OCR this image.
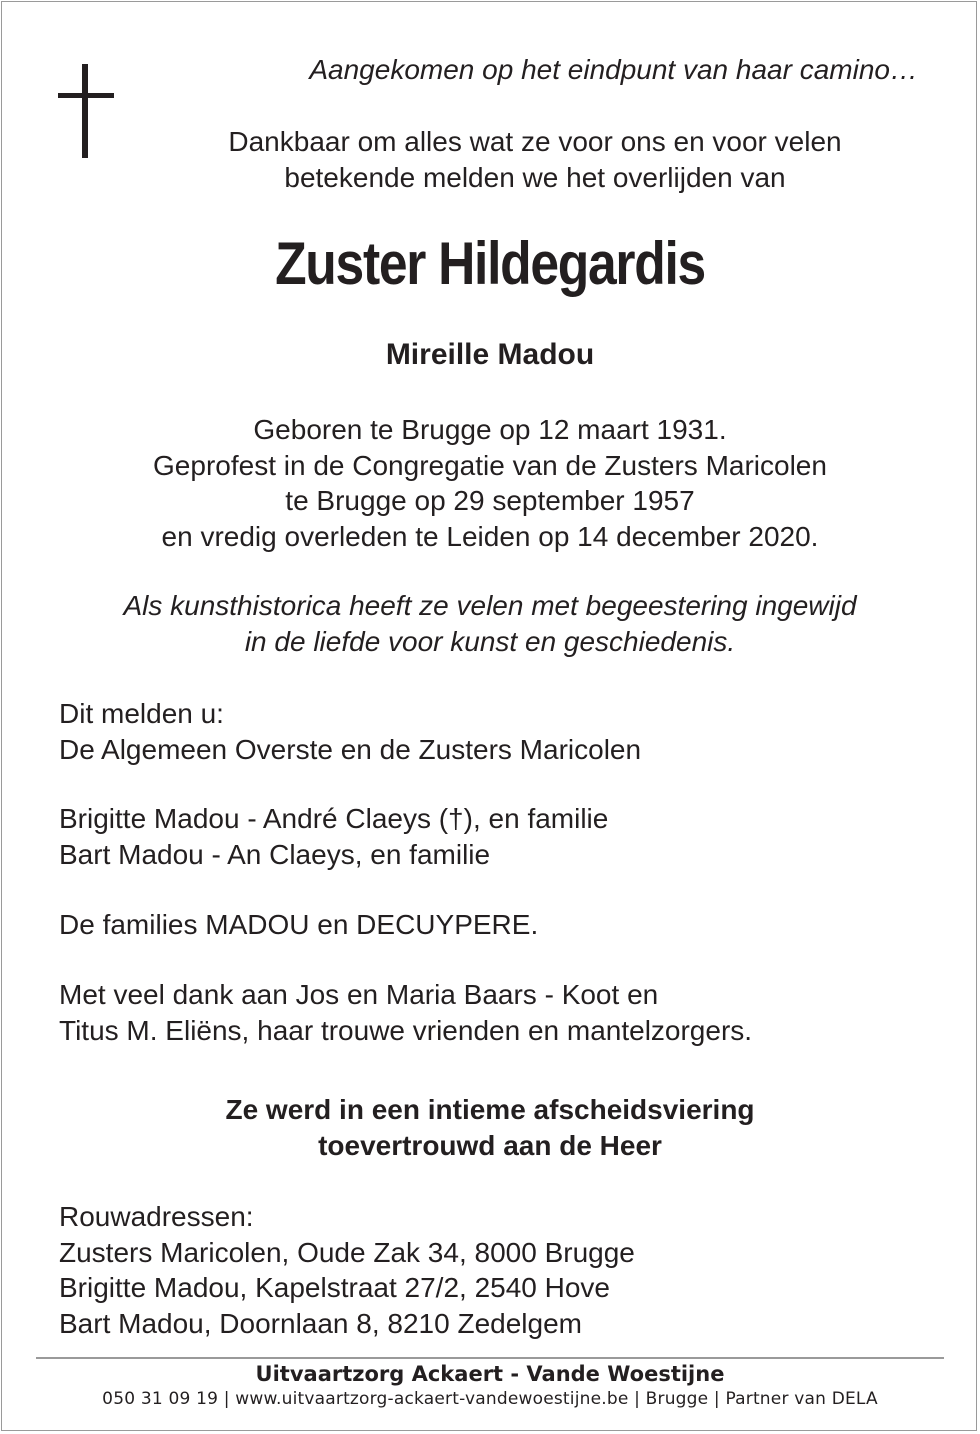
Aangekomen op het eindpunt van haar camino…
Dankbaar om alles wat ze voor ons en voor velen
betekende melden we het overlijden van
Zuster Hildegardis
Mireille Madou
Geboren te Brugge op 12 maart 1931.
Geprofest in de Congregatie van de Zusters Maricolen
te Brugge op 29 september 1957
en vredig overleden te Leiden op 14 december 2020.
Als kunsthistorica heeft ze velen met begeestering ingewijd
in de liefde voor kunst en geschiedenis.
Dit melden u:
De Algemeen Overste en de Zusters Maricolen
Brigitte Madou - André Claeys (†), en familie
Bart Madou - An Claeys, en familie
De families MADOU en DECUYPERE.
Met veel dank aan Jos en Maria Baars - Koot en
Titus M. Eliëns, haar trouwe vrienden en mantelzorgers.
Ze werd in een intieme afscheidsviering
toevertrouwd aan de Heer
Rouwadressen:
Zusters Maricolen, Oude Zak 34, 8000 Brugge
Brigitte Madou, Kapelstraat 27/2, 2540 Hove
Bart Madou, Doornlaan 8, 8210 Zedelgem
Uitvaartzorg Ackaert - Vande Woestijne
050 31 09 19 | www.uitvaartzorg-ackaert-vandewoestijne.be | Brugge | Partner van DELA
